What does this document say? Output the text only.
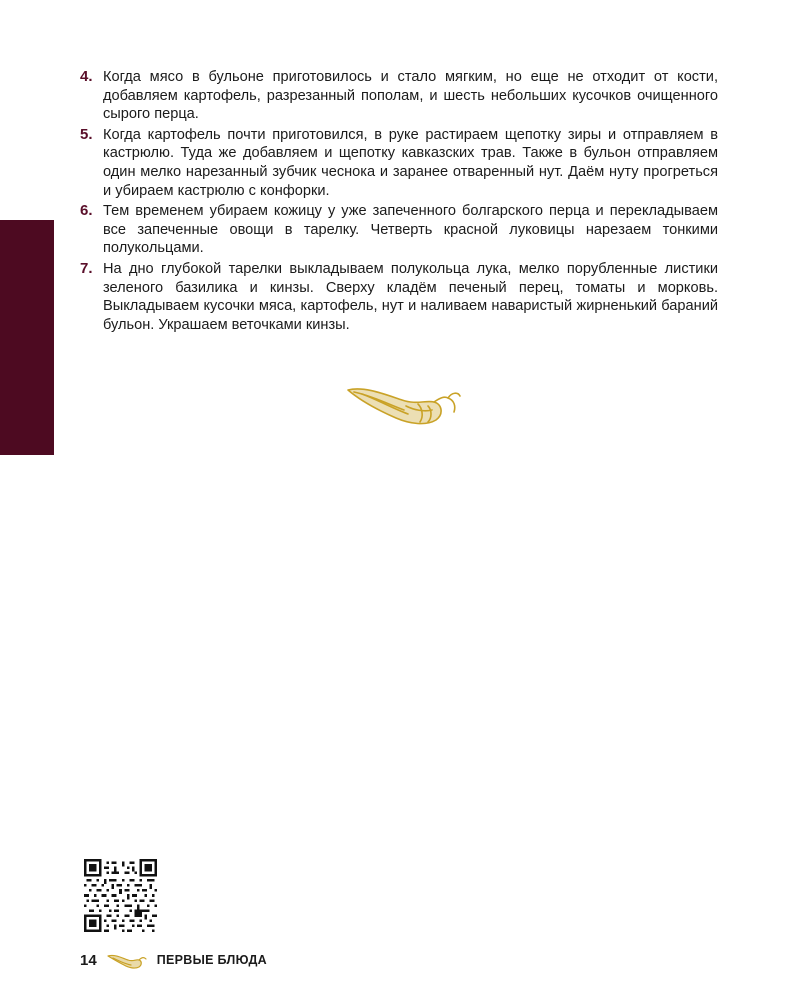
4. Когда мясо в бульоне приготовилось и стало мягким, но еще не отходит от кости, добавляем картофель, разрезанный пополам, и шесть небольших кусочков очищенного сырого перца.
5. Когда картофель почти приготовился, в руке растираем щепотку зиры и отправляем в кастрюлю. Туда же добавляем и щепотку кавказских трав. Также в бульон отправляем один мелко нарезанный зубчик чеснока и заранее отваренный нут. Даём нуту прогреться и убираем кастрюлю с конфорки.
6. Тем временем убираем кожицу у уже запеченного болгарского перца и перекладываем все запеченные овощи в тарелку. Четверть красной луковицы нарeзаем тонкими полукольцами.
7. На дно глубокой тарелки выкладываем полукольца лука, мелко порубленные листики зеленого базилика и кинзы. Сверху кладём печеный перец, томаты и морковь. Выкладываем кусочки мяса, картофель, нут и наливаем наваристый жирненький бараний бульон. Украшаем веточками кинзы.
14	ПЕРВЫЕ БЛЮДА
